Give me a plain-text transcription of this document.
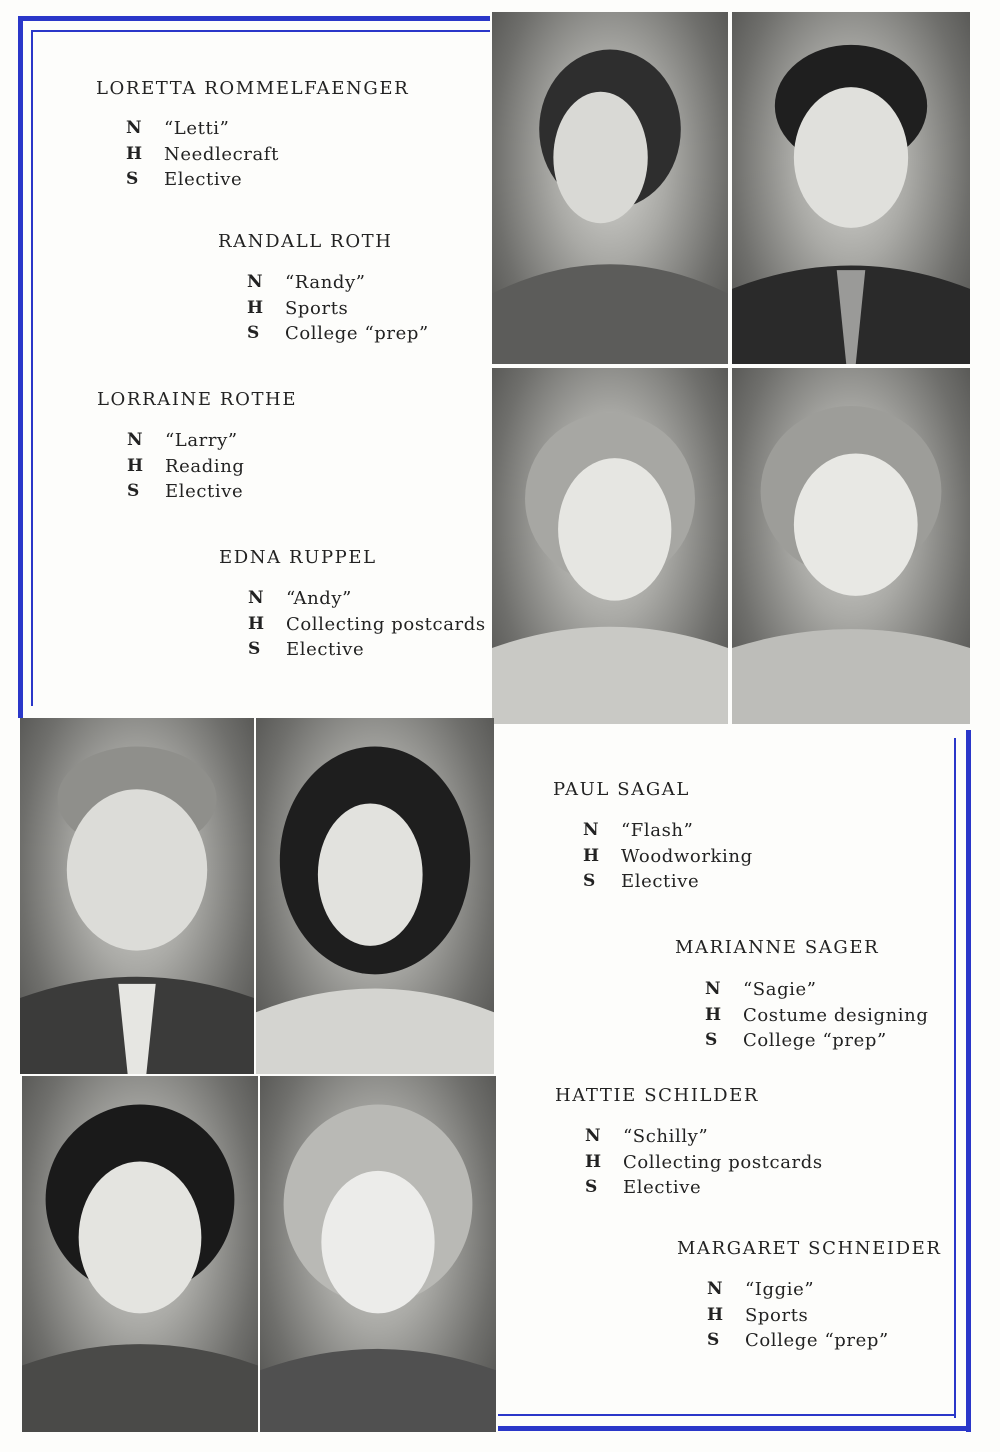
LORETTA ROMMELFAENGER
N	“Letti”
H	Needlecraft
S	Elective
RANDALL ROTH
N	“Randy”
H	Sports
S	College “prep”
LORRAINE ROTHE
N	“Larry”
H	Reading
S	Elective
EDNA RUPPEL
N	“Andy”
H	Collecting postcards
S	Elective
PAUL SAGAL
N	“Flash”
H	Woodworking
S	Elective
MARIANNE SAGER
N	“Sagie”
H	Costume designing
S	College “prep”
HATTIE SCHILDER
N	“Schilly”
H	Collecting postcards
S	Elective
MARGARET SCHNEIDER
N	“Iggie”
H	Sports
S	College “prep”
